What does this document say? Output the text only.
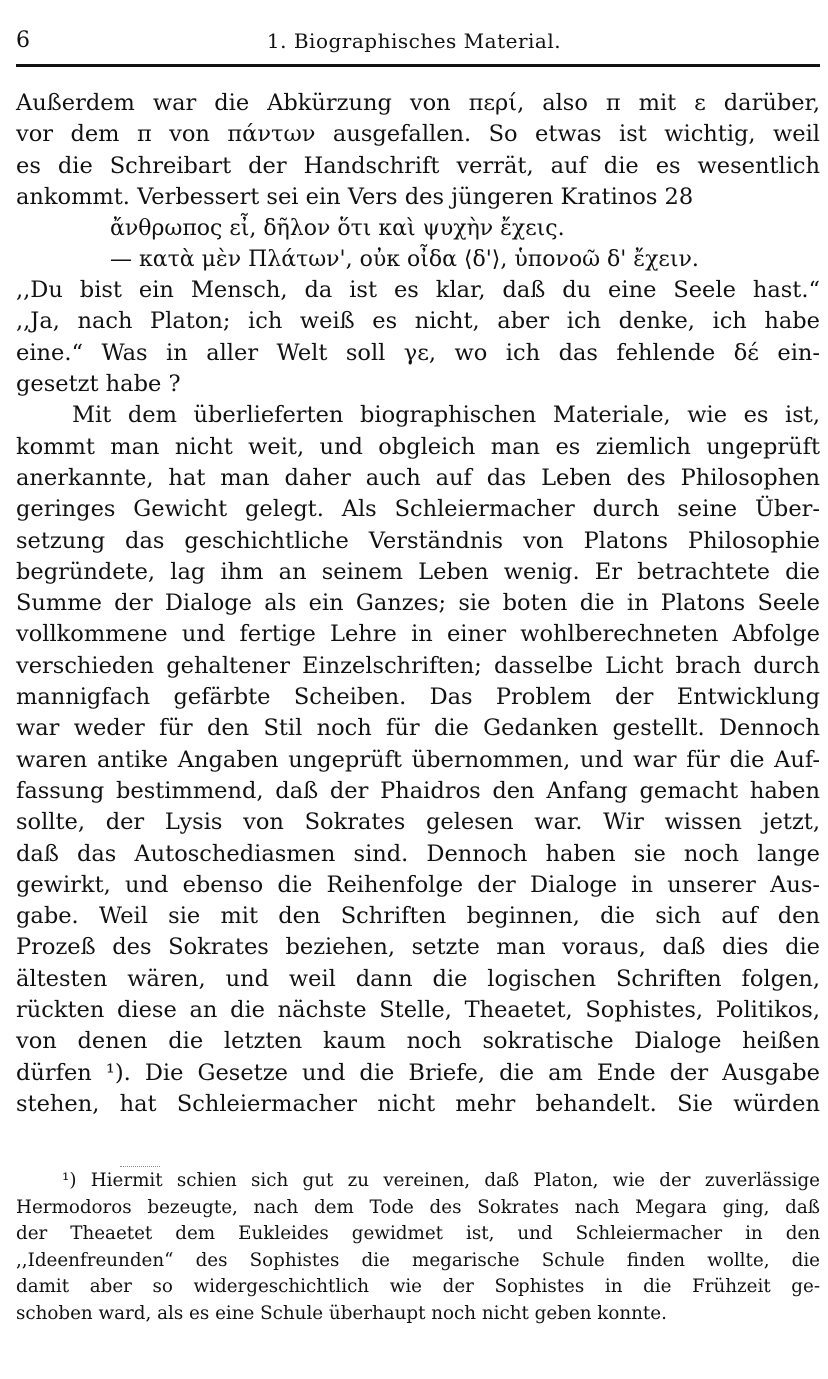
6	1. Biographisches Material.

Außerdem war die Abkürzung von περί, also π mit ε darüber,

vor dem π von πάντων ausgefallen. So etwas ist wichtig, weil

es die Schreibart der Handschrift verrät, auf die es wesentlich

ankommt. Verbessert sei ein Vers des jüngeren Kratinos 28

ἄνθρωπος εἶ, δῆλον ὅτι καὶ ψυχὴν ἔχεις.

— κατὰ μὲν Πλάτων', οὐκ οἶδα ⟨δ'⟩, ὑπονοῶ δ' ἔχειν.

,,Du bist ein Mensch, da ist es klar, daß du eine Seele hast.“

,,Ja, nach Platon; ich weiß es nicht, aber ich denke, ich habe

eine.“ Was in aller Welt soll γε, wo ich das fehlende δέ ein-

gesetzt habe ?

Mit dem überlieferten biographischen Materiale, wie es ist,

kommt man nicht weit, und obgleich man es ziemlich ungeprüft

anerkannte, hat man daher auch auf das Leben des Philosophen

geringes Gewicht gelegt. Als Schleiermacher durch seine Über-

setzung das geschichtliche Verständnis von Platons Philosophie

begründete, lag ihm an seinem Leben wenig. Er betrachtete die

Summe der Dialoge als ein Ganzes; sie boten die in Platons Seele

vollkommene und fertige Lehre in einer wohlberechneten Abfolge

verschieden gehaltener Einzelschriften; dasselbe Licht brach durch

mannigfach gefärbte Scheiben. Das Problem der Entwicklung

war weder für den Stil noch für die Gedanken gestellt. Dennoch

waren antike Angaben ungeprüft übernommen, und war für die Auf-

fassung bestimmend, daß der Phaidros den Anfang gemacht haben

sollte, der Lysis von Sokrates gelesen war. Wir wissen jetzt,

daß das Autoschediasmen sind. Dennoch haben sie noch lange

gewirkt, und ebenso die Reihenfolge der Dialoge in unserer Aus-

gabe. Weil sie mit den Schriften beginnen, die sich auf den

Prozeß des Sokrates beziehen, setzte man voraus, daß dies die

ältesten wären, und weil dann die logischen Schriften folgen,

rückten diese an die nächste Stelle, Theaetet, Sophistes, Politikos,

von denen die letzten kaum noch sokratische Dialoge heißen

dürfen ¹). Die Gesetze und die Briefe, die am Ende der Ausgabe

stehen, hat Schleiermacher nicht mehr behandelt. Sie würden

¹) Hiermit schien sich gut zu vereinen, daß Platon, wie der zuverlässige
Hermodoros bezeugte, nach dem Tode des Sokrates nach Megara ging, daß
der Theaetet dem Eukleides gewidmet ist, und Schleiermacher in den
,,Ideenfreunden“ des Sophistes die megarische Schule finden wollte, die
damit aber so widergeschichtlich wie der Sophistes in die Frühzeit ge-
schoben ward, als es eine Schule überhaupt noch nicht geben konnte.
